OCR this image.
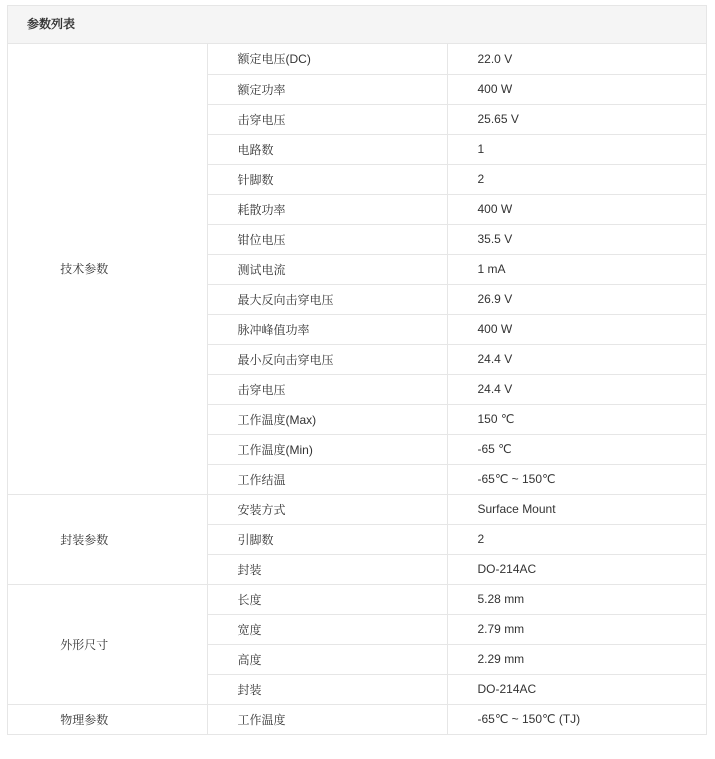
参数列表
技术参数	额定电压(DC)	22.0 V
	额定功率	400 W
	击穿电压	25.65 V
	电路数	1
	针脚数	2
	耗散功率	400 W
	钳位电压	35.5 V
	测试电流	1 mA
	最大反向击穿电压	26.9 V
	脉冲峰值功率	400 W
	最小反向击穿电压	24.4 V
	击穿电压	24.4 V
	工作温度(Max)	150 ℃
	工作温度(Min)	-65 ℃
	工作结温	-65℃ ~ 150℃
封装参数	安装方式	Surface Mount
	引脚数	2
	封装	DO-214AC
外形尺寸	长度	5.28 mm
	宽度	2.79 mm
	高度	2.29 mm
	封装	DO-214AC
物理参数	工作温度	-65℃ ~ 150℃ (TJ)
